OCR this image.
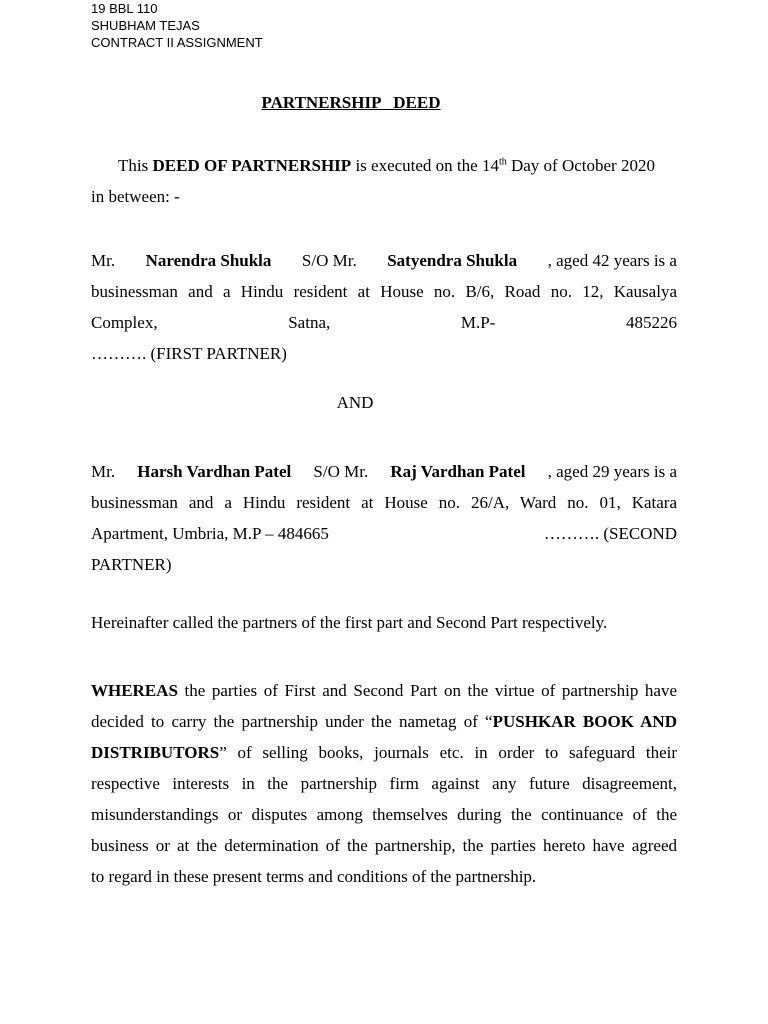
19 BBL 110
SHUBHAM TEJAS
CONTRACT II ASSIGNMENT
PARTNERSHIP   DEED
This DEED OF PARTNERSHIP is executed on the 14th Day of October 2020
in between: -
Mr. Narendra Shukla S/O Mr. Satyendra Shukla , aged 42 years is a
businessman and a Hindu resident at House no. B/6, Road no. 12, Kausalya
Complex,	Satna,	M.P-	485226
………. (FIRST PARTNER)
AND
Mr. Harsh Vardhan Patel S/O Mr. Raj Vardhan Patel , aged 29 years is a
businessman and a Hindu resident at House no. 26/A, Ward no. 01, Katara
Apartment, Umbria, M.P – 484665	………. (SECOND
PARTNER)
Hereinafter called the partners of the first part and Second Part respectively.
WHEREAS the parties of First and Second Part on the virtue of partnership have
decided to carry the partnership under the nametag of “PUSHKAR BOOK AND
DISTRIBUTORS” of selling books, journals etc. in order to safeguard their
respective interests in the partnership firm against any future disagreement,
misunderstandings or disputes among themselves during the continuance of the
business or at the determination of the partnership, the parties hereto have agreed
to regard in these present terms and conditions of the partnership.
